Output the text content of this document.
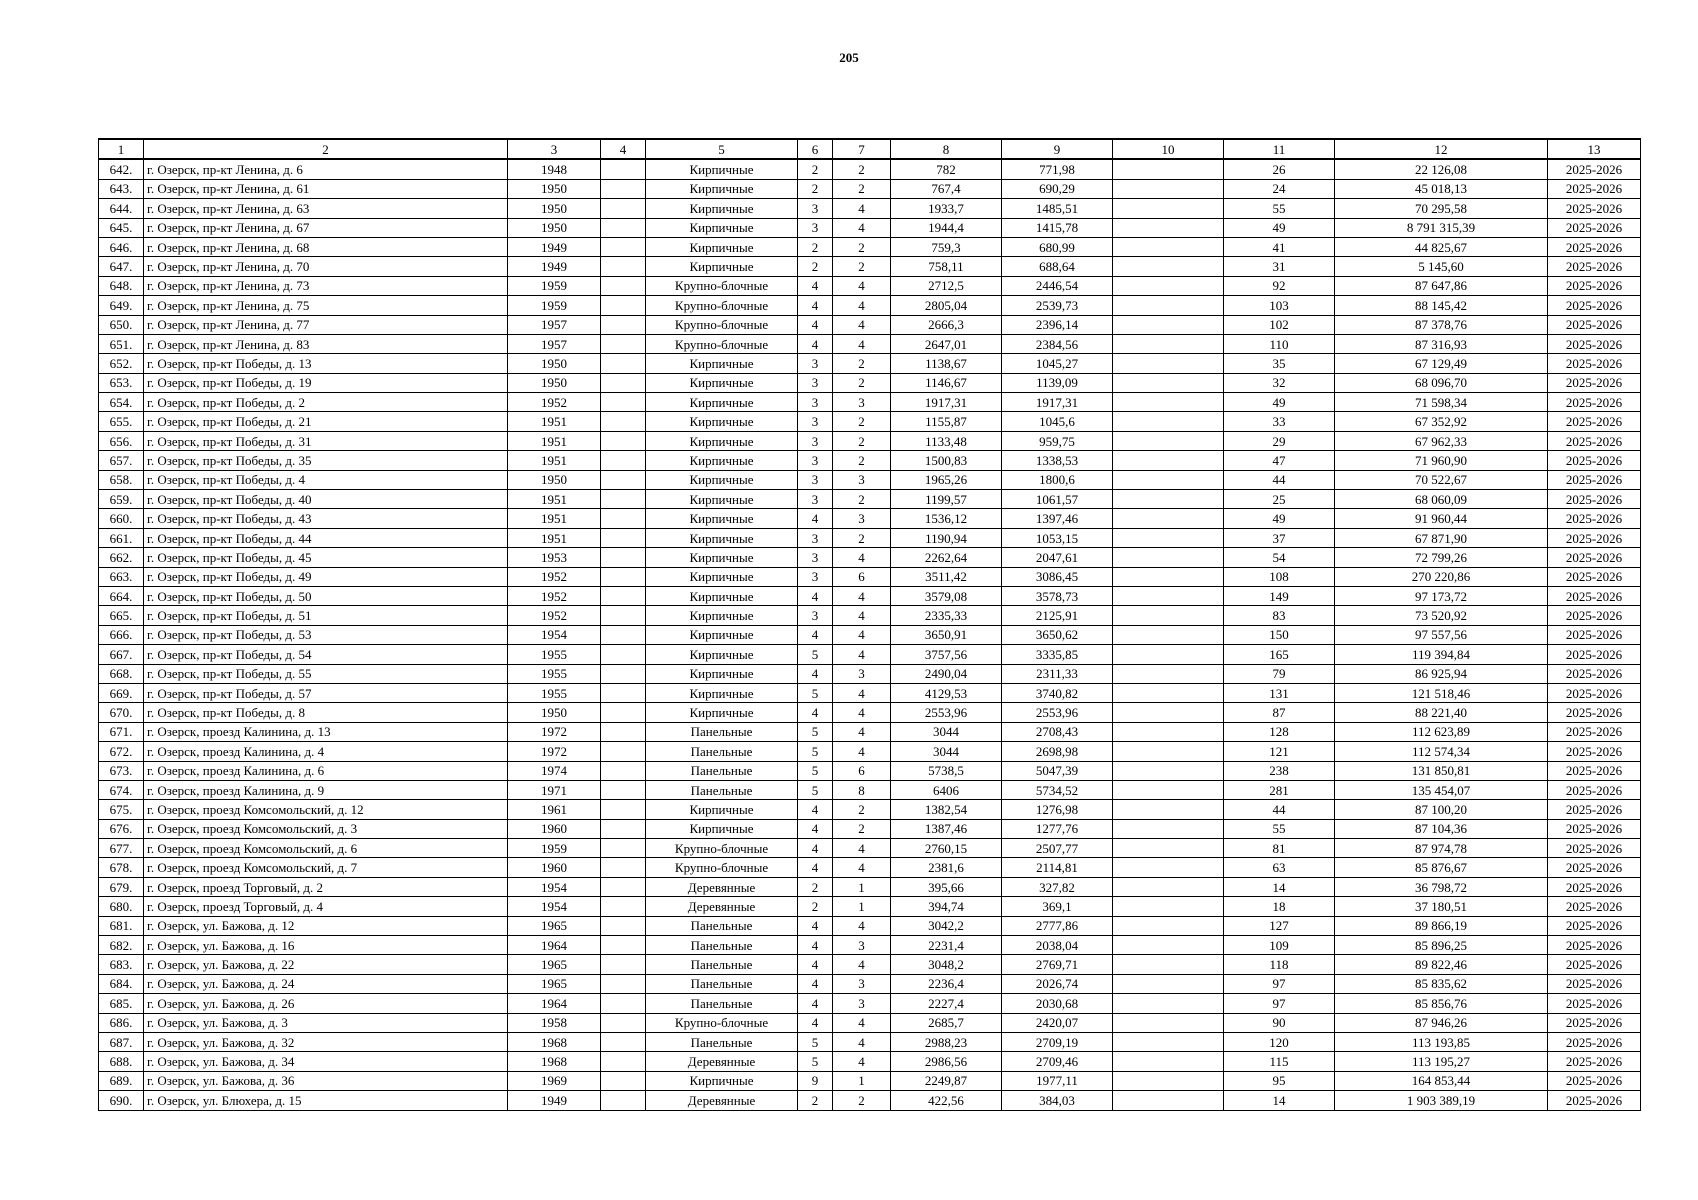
205
1	2	3	4	5	6	7	8	9	10	11	12	13
642.	г. Озерск, пр-кт Ленина, д. 6	1948		Кирпичные	2	2	782	771,98		26	22 126,08	2025-2026
643.	г. Озерск, пр-кт Ленина, д. 61	1950		Кирпичные	2	2	767,4	690,29		24	45 018,13	2025-2026
644.	г. Озерск, пр-кт Ленина, д. 63	1950		Кирпичные	3	4	1933,7	1485,51		55	70 295,58	2025-2026
645.	г. Озерск, пр-кт Ленина, д. 67	1950		Кирпичные	3	4	1944,4	1415,78		49	8 791 315,39	2025-2026
646.	г. Озерск, пр-кт Ленина, д. 68	1949		Кирпичные	2	2	759,3	680,99		41	44 825,67	2025-2026
647.	г. Озерск, пр-кт Ленина, д. 70	1949		Кирпичные	2	2	758,11	688,64		31	5 145,60	2025-2026
648.	г. Озерск, пр-кт Ленина, д. 73	1959		Крупно-блочные	4	4	2712,5	2446,54		92	87 647,86	2025-2026
649.	г. Озерск, пр-кт Ленина, д. 75	1959		Крупно-блочные	4	4	2805,04	2539,73		103	88 145,42	2025-2026
650.	г. Озерск, пр-кт Ленина, д. 77	1957		Крупно-блочные	4	4	2666,3	2396,14		102	87 378,76	2025-2026
651.	г. Озерск, пр-кт Ленина, д. 83	1957		Крупно-блочные	4	4	2647,01	2384,56		110	87 316,93	2025-2026
652.	г. Озерск, пр-кт Победы, д. 13	1950		Кирпичные	3	2	1138,67	1045,27		35	67 129,49	2025-2026
653.	г. Озерск, пр-кт Победы, д. 19	1950		Кирпичные	3	2	1146,67	1139,09		32	68 096,70	2025-2026
654.	г. Озерск, пр-кт Победы, д. 2	1952		Кирпичные	3	3	1917,31	1917,31		49	71 598,34	2025-2026
655.	г. Озерск, пр-кт Победы, д. 21	1951		Кирпичные	3	2	1155,87	1045,6		33	67 352,92	2025-2026
656.	г. Озерск, пр-кт Победы, д. 31	1951		Кирпичные	3	2	1133,48	959,75		29	67 962,33	2025-2026
657.	г. Озерск, пр-кт Победы, д. 35	1951		Кирпичные	3	2	1500,83	1338,53		47	71 960,90	2025-2026
658.	г. Озерск, пр-кт Победы, д. 4	1950		Кирпичные	3	3	1965,26	1800,6		44	70 522,67	2025-2026
659.	г. Озерск, пр-кт Победы, д. 40	1951		Кирпичные	3	2	1199,57	1061,57		25	68 060,09	2025-2026
660.	г. Озерск, пр-кт Победы, д. 43	1951		Кирпичные	4	3	1536,12	1397,46		49	91 960,44	2025-2026
661.	г. Озерск, пр-кт Победы, д. 44	1951		Кирпичные	3	2	1190,94	1053,15		37	67 871,90	2025-2026
662.	г. Озерск, пр-кт Победы, д. 45	1953		Кирпичные	3	4	2262,64	2047,61		54	72 799,26	2025-2026
663.	г. Озерск, пр-кт Победы, д. 49	1952		Кирпичные	3	6	3511,42	3086,45		108	270 220,86	2025-2026
664.	г. Озерск, пр-кт Победы, д. 50	1952		Кирпичные	4	4	3579,08	3578,73		149	97 173,72	2025-2026
665.	г. Озерск, пр-кт Победы, д. 51	1952		Кирпичные	3	4	2335,33	2125,91		83	73 520,92	2025-2026
666.	г. Озерск, пр-кт Победы, д. 53	1954		Кирпичные	4	4	3650,91	3650,62		150	97 557,56	2025-2026
667.	г. Озерск, пр-кт Победы, д. 54	1955		Кирпичные	5	4	3757,56	3335,85		165	119 394,84	2025-2026
668.	г. Озерск, пр-кт Победы, д. 55	1955		Кирпичные	4	3	2490,04	2311,33		79	86 925,94	2025-2026
669.	г. Озерск, пр-кт Победы, д. 57	1955		Кирпичные	5	4	4129,53	3740,82		131	121 518,46	2025-2026
670.	г. Озерск, пр-кт Победы, д. 8	1950		Кирпичные	4	4	2553,96	2553,96		87	88 221,40	2025-2026
671.	г. Озерск, проезд Калинина, д. 13	1972		Панельные	5	4	3044	2708,43		128	112 623,89	2025-2026
672.	г. Озерск, проезд Калинина, д. 4	1972		Панельные	5	4	3044	2698,98		121	112 574,34	2025-2026
673.	г. Озерск, проезд Калинина, д. 6	1974		Панельные	5	6	5738,5	5047,39		238	131 850,81	2025-2026
674.	г. Озерск, проезд Калинина, д. 9	1971		Панельные	5	8	6406	5734,52		281	135 454,07	2025-2026
675.	г. Озерск, проезд Комсомольский, д. 12	1961		Кирпичные	4	2	1382,54	1276,98		44	87 100,20	2025-2026
676.	г. Озерск, проезд Комсомольский, д. 3	1960		Кирпичные	4	2	1387,46	1277,76		55	87 104,36	2025-2026
677.	г. Озерск, проезд Комсомольский, д. 6	1959		Крупно-блочные	4	4	2760,15	2507,77		81	87 974,78	2025-2026
678.	г. Озерск, проезд Комсомольский, д. 7	1960		Крупно-блочные	4	4	2381,6	2114,81		63	85 876,67	2025-2026
679.	г. Озерск, проезд Торговый, д. 2	1954		Деревянные	2	1	395,66	327,82		14	36 798,72	2025-2026
680.	г. Озерск, проезд Торговый, д. 4	1954		Деревянные	2	1	394,74	369,1		18	37 180,51	2025-2026
681.	г. Озерск, ул. Бажова, д. 12	1965		Панельные	4	4	3042,2	2777,86		127	89 866,19	2025-2026
682.	г. Озерск, ул. Бажова, д. 16	1964		Панельные	4	3	2231,4	2038,04		109	85 896,25	2025-2026
683.	г. Озерск, ул. Бажова, д. 22	1965		Панельные	4	4	3048,2	2769,71		118	89 822,46	2025-2026
684.	г. Озерск, ул. Бажова, д. 24	1965		Панельные	4	3	2236,4	2026,74		97	85 835,62	2025-2026
685.	г. Озерск, ул. Бажова, д. 26	1964		Панельные	4	3	2227,4	2030,68		97	85 856,76	2025-2026
686.	г. Озерск, ул. Бажова, д. 3	1958		Крупно-блочные	4	4	2685,7	2420,07		90	87 946,26	2025-2026
687.	г. Озерск, ул. Бажова, д. 32	1968		Панельные	5	4	2988,23	2709,19		120	113 193,85	2025-2026
688.	г. Озерск, ул. Бажова, д. 34	1968		Деревянные	5	4	2986,56	2709,46		115	113 195,27	2025-2026
689.	г. Озерск, ул. Бажова, д. 36	1969		Кирпичные	9	1	2249,87	1977,11		95	164 853,44	2025-2026
690.	г. Озерск, ул. Блюхера, д. 15	1949		Деревянные	2	2	422,56	384,03		14	1 903 389,19	2025-2026
